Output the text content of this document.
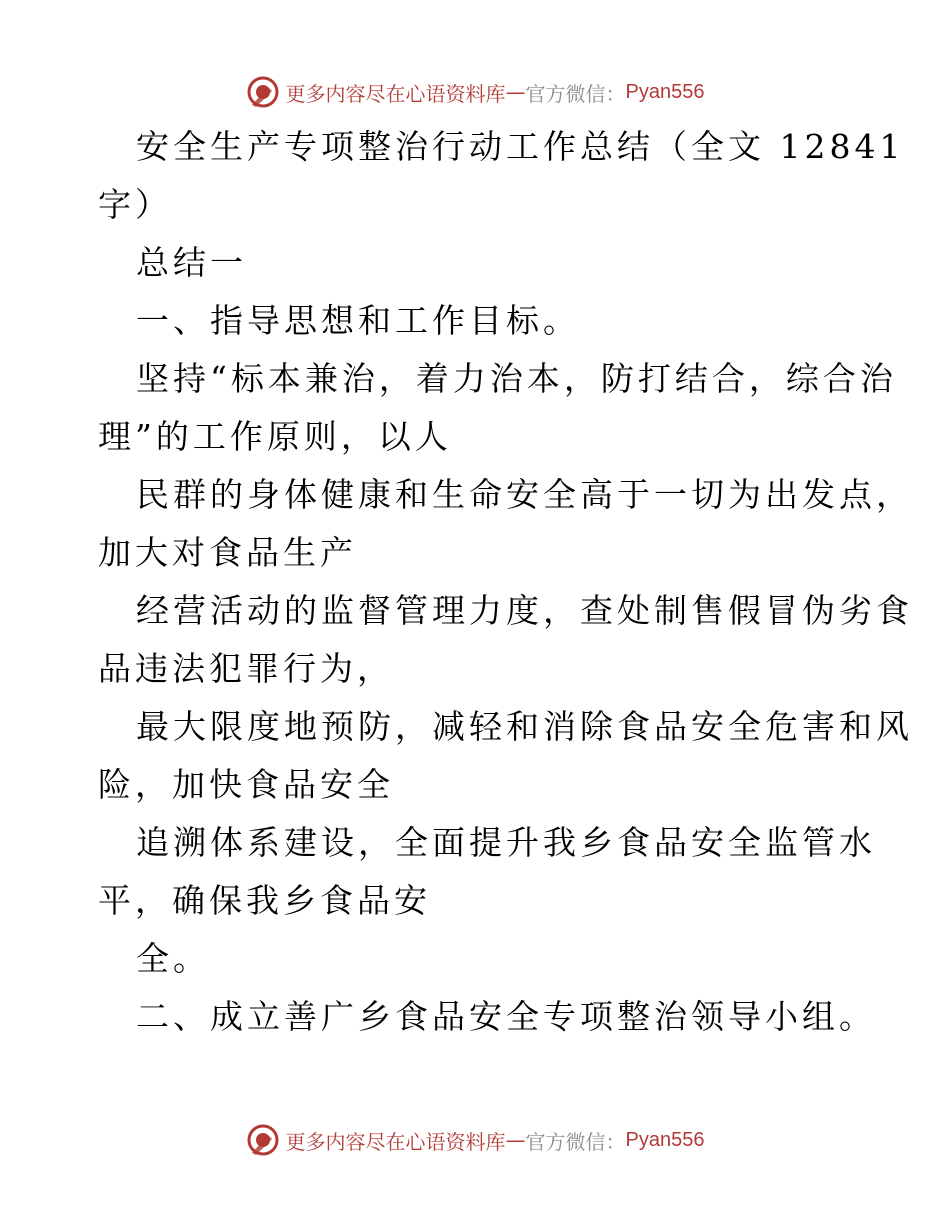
更多内容尽在心语资料库 — 官方微信： Pyan556
安全生产专项整治行动工作总结（全文 12841
字）
总结一
一、指导思想和工作目标。
坚持“标本兼治，着力治本，防打结合，综合治
理”的工作原则，以人
民群的身体健康和生命安全高于一切为出发点，
加大对食品生产
经营活动的监督管理力度，查处制售假冒伪劣食
品违法犯罪行为，
最大限度地预防，减轻和消除食品安全危害和风
险，加快食品安全
追溯体系建设，全面提升我乡食品安全监管水
平，确保我乡食品安
全。
二、成立善广乡食品安全专项整治领导小组。
更多内容尽在心语资料库 — 官方微信： Pyan556
